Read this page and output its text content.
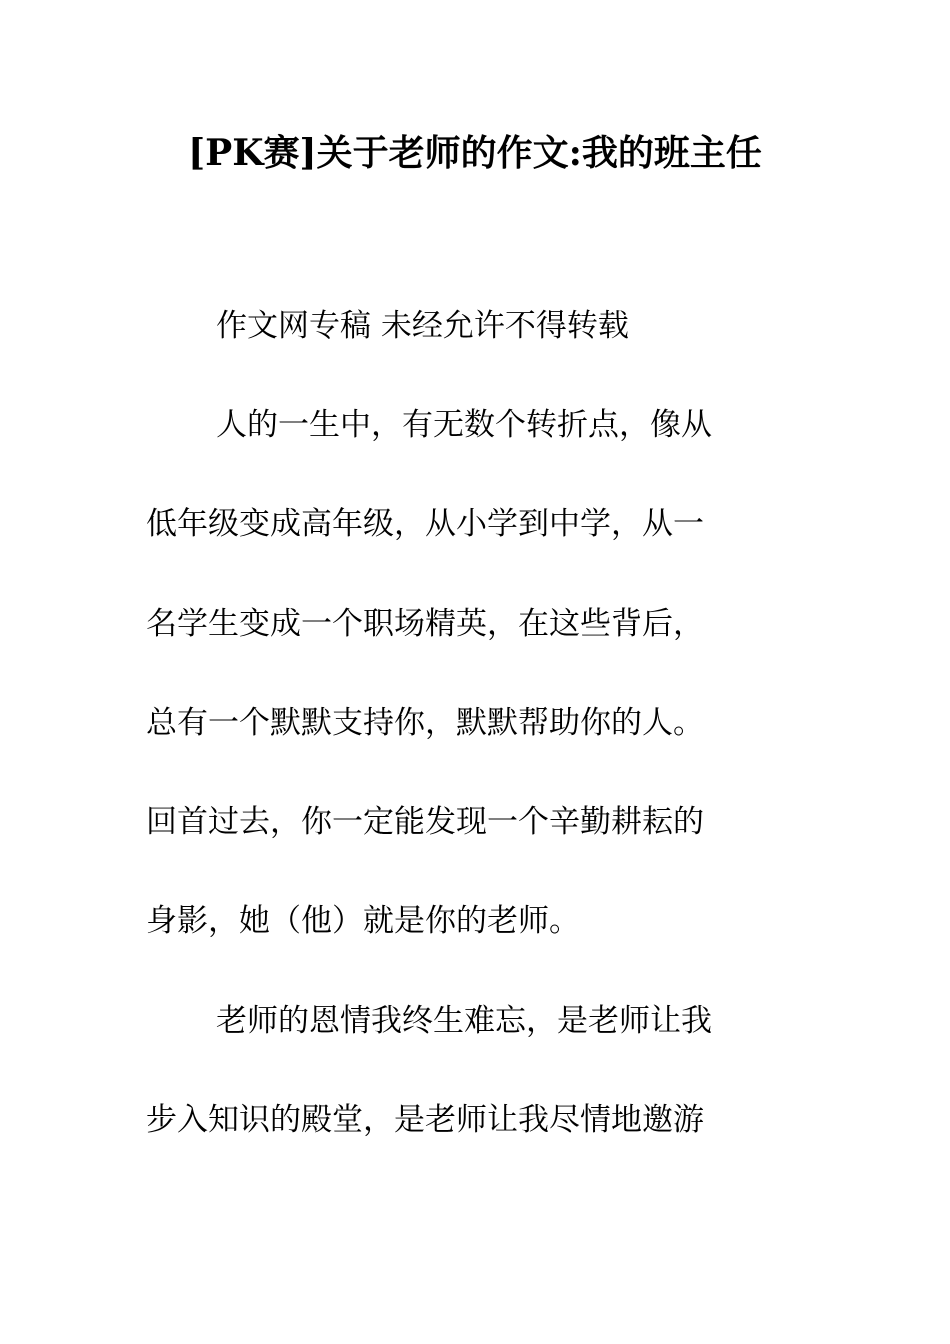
[PK赛]关于老师的作文:我的班主任
作文网专稿 未经允许不得转载
人的一生中，有无数个转折点，像从
低年级变成高年级，从小学到中学，从一
名学生变成一个职场精英，在这些背后，
总有一个默默支持你，默默帮助你的人。
回首过去，你一定能发现一个辛勤耕耘的
身影，她（他）就是你的老师。
老师的恩情我终生难忘，是老师让我
步入知识的殿堂，是老师让我尽情地邀游
